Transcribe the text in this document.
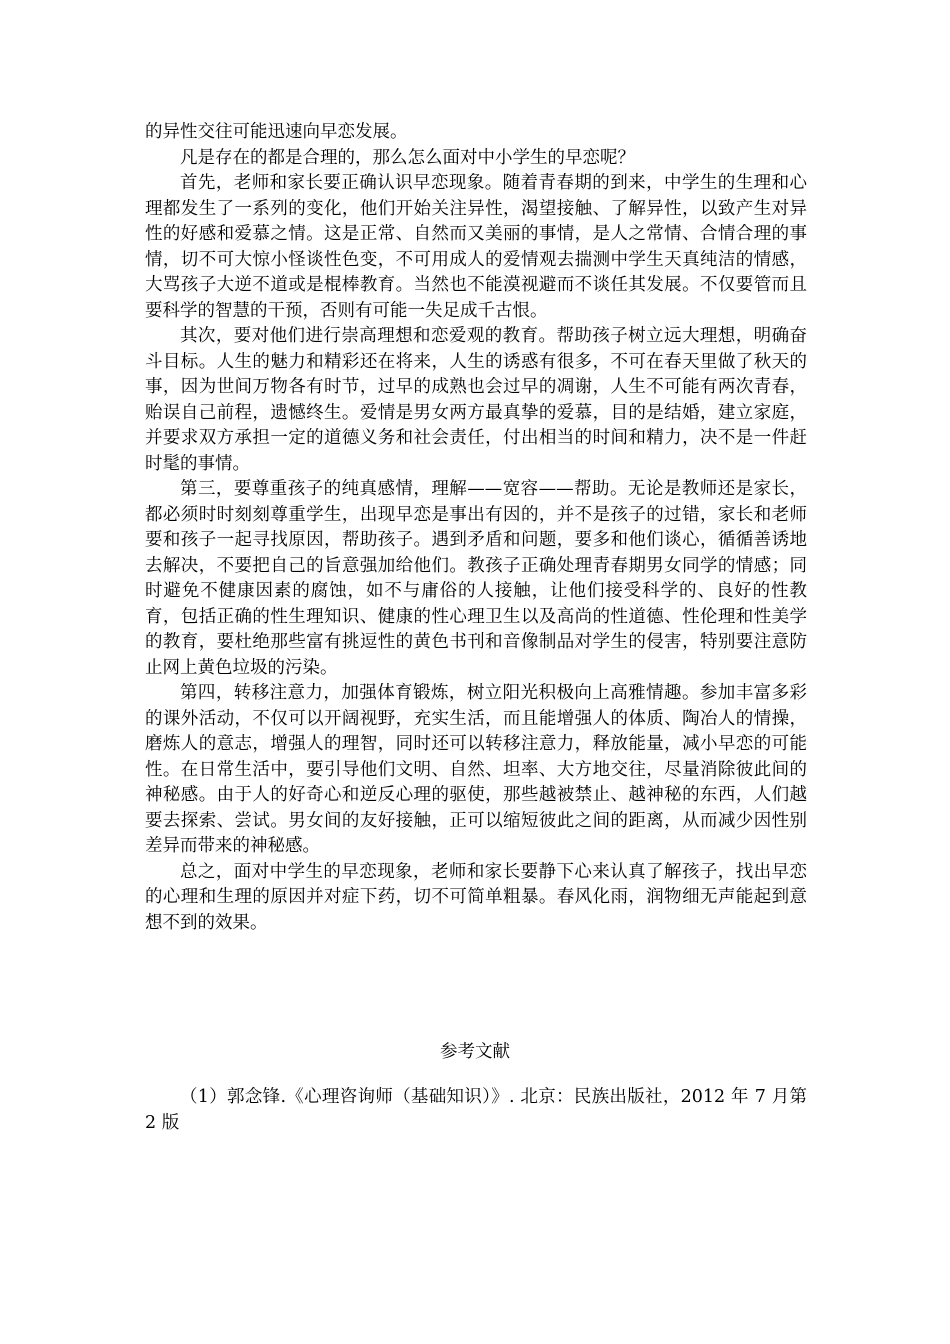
的异性交往可能迅速向早恋发展。

凡是存在的都是合理的，那么怎么面对中小学生的早恋呢？

首先，老师和家长要正确认识早恋现象。随着青春期的到来，中学生的生理和心理都发生了一系列的变化，他们开始关注异性，渴望接触、了解异性，以致产生对异性的好感和爱慕之情。这是正常、自然而又美丽的事情，是人之常情、合情合理的事情，切不可大惊小怪谈性色变，不可用成人的爱情观去揣测中学生天真纯洁的情感，大骂孩子大逆不道或是棍棒教育。当然也不能漠视避而不谈任其发展。不仅要管而且要科学的智慧的干预，否则有可能一失足成千古恨。

其次，要对他们进行崇高理想和恋爱观的教育。帮助孩子树立远大理想，明确奋斗目标。人生的魅力和精彩还在将来，人生的诱惑有很多，不可在春天里做了秋天的事，因为世间万物各有时节，过早的成熟也会过早的凋谢，人生不可能有两次青春，贻误自己前程，遗憾终生。爱情是男女两方最真挚的爱慕，目的是结婚，建立家庭，并要求双方承担一定的道德义务和社会责任，付出相当的时间和精力，决不是一件赶时髦的事情。

第三，要尊重孩子的纯真感情，理解——宽容——帮助。无论是教师还是家长，都必须时时刻刻尊重学生，出现早恋是事出有因的，并不是孩子的过错，家长和老师要和孩子一起寻找原因，帮助孩子。遇到矛盾和问题，要多和他们谈心，循循善诱地去解决，不要把自己的旨意强加给他们。教孩子正确处理青春期男女同学的情感；同时避免不健康因素的腐蚀，如不与庸俗的人接触，让他们接受科学的、良好的性教育，包括正确的性生理知识、健康的性心理卫生以及高尚的性道德、性伦理和性美学的教育，要杜绝那些富有挑逗性的黄色书刊和音像制品对学生的侵害，特别要注意防止网上黄色垃圾的污染。

第四，转移注意力，加强体育锻炼，树立阳光积极向上高雅情趣。参加丰富多彩的课外活动，不仅可以开阔视野，充实生活，而且能增强人的体质、陶冶人的情操，磨炼人的意志，增强人的理智，同时还可以转移注意力，释放能量，减小早恋的可能性。在日常生活中，要引导他们文明、自然、坦率、大方地交往，尽量消除彼此间的神秘感。由于人的好奇心和逆反心理的驱使，那些越被禁止、越神秘的东西，人们越要去探索、尝试。男女间的友好接触，正可以缩短彼此之间的距离，从而减少因性别差异而带来的神秘感。

总之，面对中学生的早恋现象，老师和家长要静下心来认真了解孩子，找出早恋的心理和生理的原因并对症下药，切不可简单粗暴。春风化雨，润物细无声能起到意想不到的效果。

参考文献

（1）郭念锋.《心理咨询师（基础知识）》. 北京：民族出版社，2012 年 7 月第 2 版
